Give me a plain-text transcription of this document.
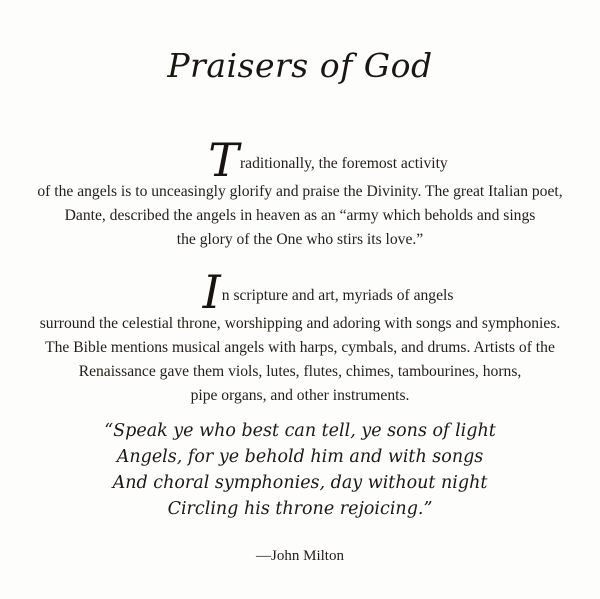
Praisers of God
Traditionally, the foremost activity
of the angels is to unceasingly glorify and praise the Divinity. The great Italian poet,
Dante, described the angels in heaven as an “army which beholds and sings
the glory of the One who stirs its love.”
In scripture and art, myriads of angels
surround the celestial throne, worshipping and adoring with songs and symphonies.
The Bible mentions musical angels with harps, cymbals, and drums. Artists of the
Renaissance gave them viols, lutes, flutes, chimes, tambourines, horns,
pipe organs, and other instruments.
“Speak ye who best can tell, ye sons of light
Angels, for ye behold him and with songs
And choral symphonies, day without night
Circling his throne rejoicing.”
—John Milton
